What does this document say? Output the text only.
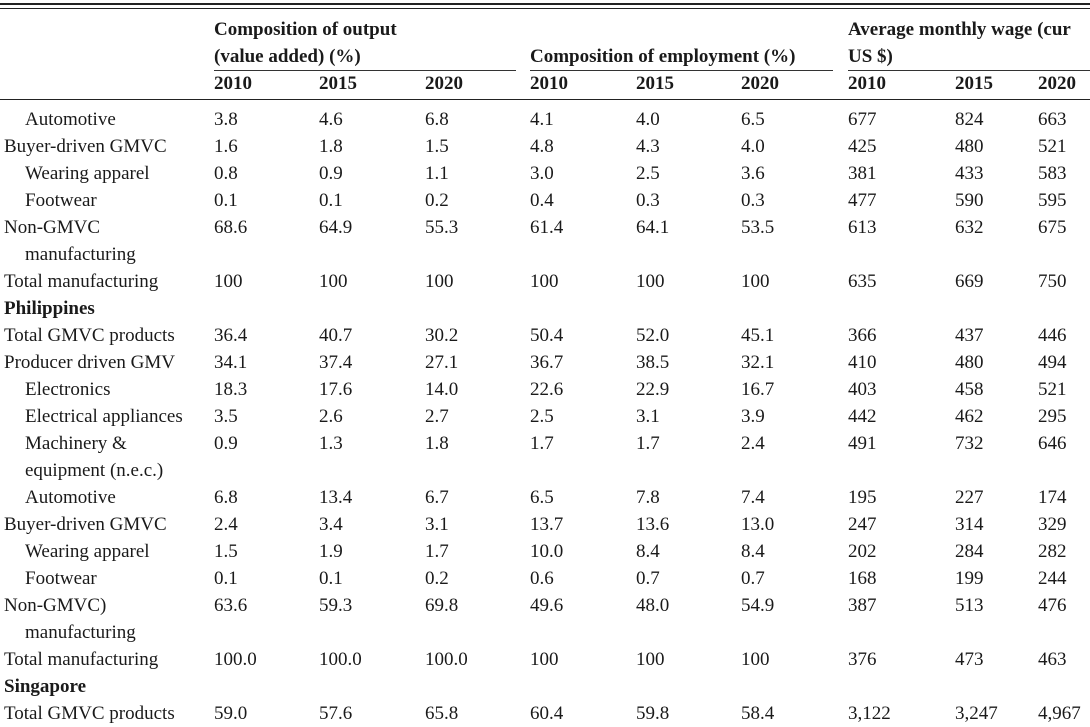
Composition of output
(value added) (%)	Composition of employment (%)
Average monthly wage (cur
US $)
2010	2015	2020	2010	2015	2020	2010	2015 2020
Automotive	3.8	4.6	6.8	4.1	4.0	6.5	677	824	663
Buyer-driven GMVC 1.6	1.8	1.5	4.8	4.3	4.0	425	480	521
Wearing apparel	0.8	0.9	1.1	3.0	2.5	3.6	381	433	583
Footwear	0.1	0.1	0.2	0.4	0.3	0.3	477	590	595
Non-GMVC	68.6	64.9	55.3	61.4	64.1	53.5	613	632	675
manufacturing
Total manufacturing	100	100	100	100	100	100	635	669	750
Philippines
Total GMVC products 36.4	40.7	30.2	50.4	52.0	45.1	366	437	446
Producer driven GMV 34.1	37.4	27.1	36.7	38.5	32.1	410	480	494
Electronics	18.3	17.6	14.0	22.6	22.9	16.7	403	458	521
Electrical appliances 3.5	2.6	2.7	2.5	3.1	3.9	442	462	295
Machinery &	0.9	1.3	1.8	1.7	1.7	2.4	491	732	646
equipment (n.e.c.)
Automotive	6.8	13.4	6.7	6.5	7.8	7.4	195	227	174
Buyer-driven GMVC 2.4	3.4	3.1	13.7	13.6	13.0	247	314	329
Wearing apparel	1.5	1.9	1.7	10.0	8.4	8.4	202	284	282
Footwear	0.1	0.1	0.2	0.6	0.7	0.7	168	199	244
Non-GMVC)	63.6	59.3	69.8	49.6	48.0	54.9	387	513	476
manufacturing
Total manufacturing	100.0	100.0	100.0	100	100	100	376	473	463
Singapore
Total GMVC products 59.0	57.6	65.8	60.4	59.8	58.4	3,122	3,247 4,967
